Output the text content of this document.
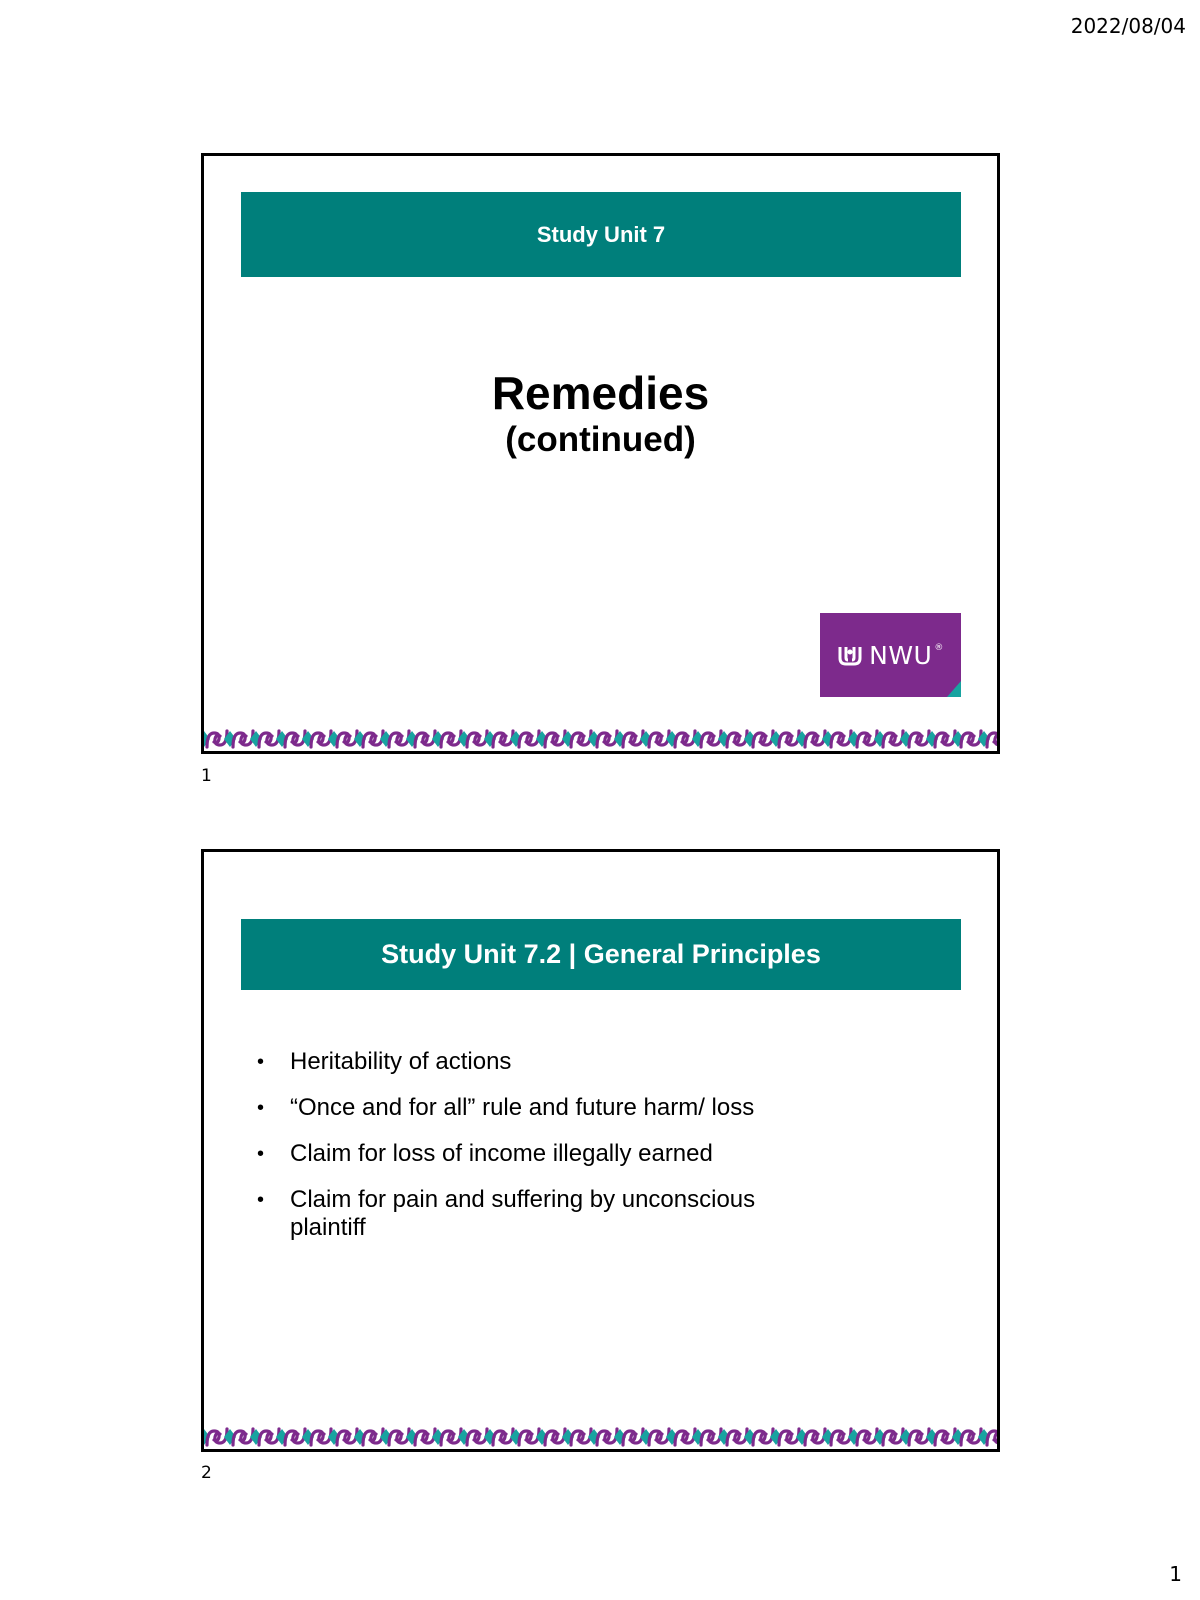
2022/08/04
Study Unit 7
Remedies
(continued)
NWU ®
1
Study Unit 7.2 | General Principles
• Heritability of actions
• “Once and for all” rule and future harm/ loss
• Claim for loss of income illegally earned
• Claim for pain and suffering by unconscious plaintiff
2
1
